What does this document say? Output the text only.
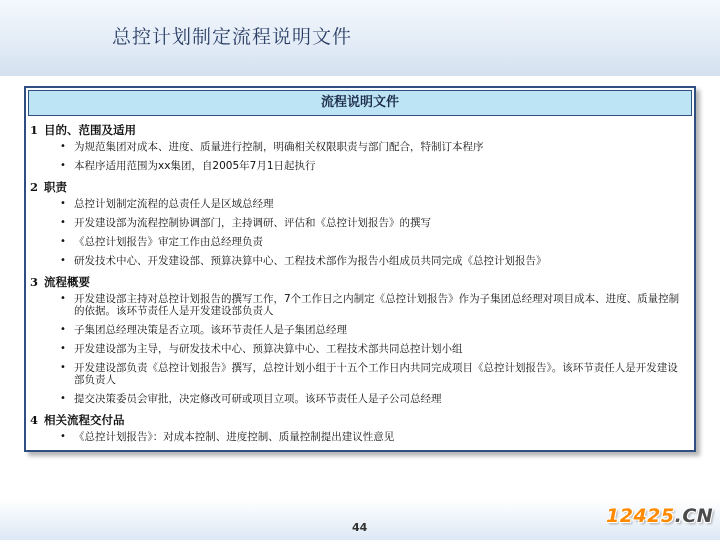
总控计划制定流程说明文件
流程说明文件
1 目的、范围及适用
• 为规范集团对成本、进度、质量进行控制，明确相关权限职责与部门配合，特制订本程序
• 本程序适用范围为xx集团，自2005年7月1日起执行
2 职责
• 总控计划制定流程的总责任人是区域总经理
• 开发建设部为流程控制协调部门，主持调研、评估和《总控计划报告》的撰写
• 《总控计划报告》审定工作由总经理负责
• 研发技术中心、开发建设部、预算决算中心、工程技术部作为报告小组成员共同完成《总控计划报告》
3 流程概要
• 开发建设部主持对总控计划报告的撰写工作，7个工作日之内制定《总控计划报告》作为子集团总经理对项目成本、进度、质量控制的依据。该环节责任人是开发建设部负责人
• 子集团总经理决策是否立项。该环节责任人是子集团总经理
• 开发建设部为主导，与研发技术中心、预算决算中心、工程技术部共同总控计划小组
• 开发建设部负责《总控计划报告》撰写，总控计划小组于十五个工作日内共同完成项目《总控计划报告》。该环节责任人是开发建设部负责人
• 提交决策委员会审批，决定修改可研或项目立项。该环节责任人是子公司总经理
4 相关流程交付品
• 《总控计划报告》：对成本控制、进度控制、质量控制提出建议性意见
44
12425.CN
